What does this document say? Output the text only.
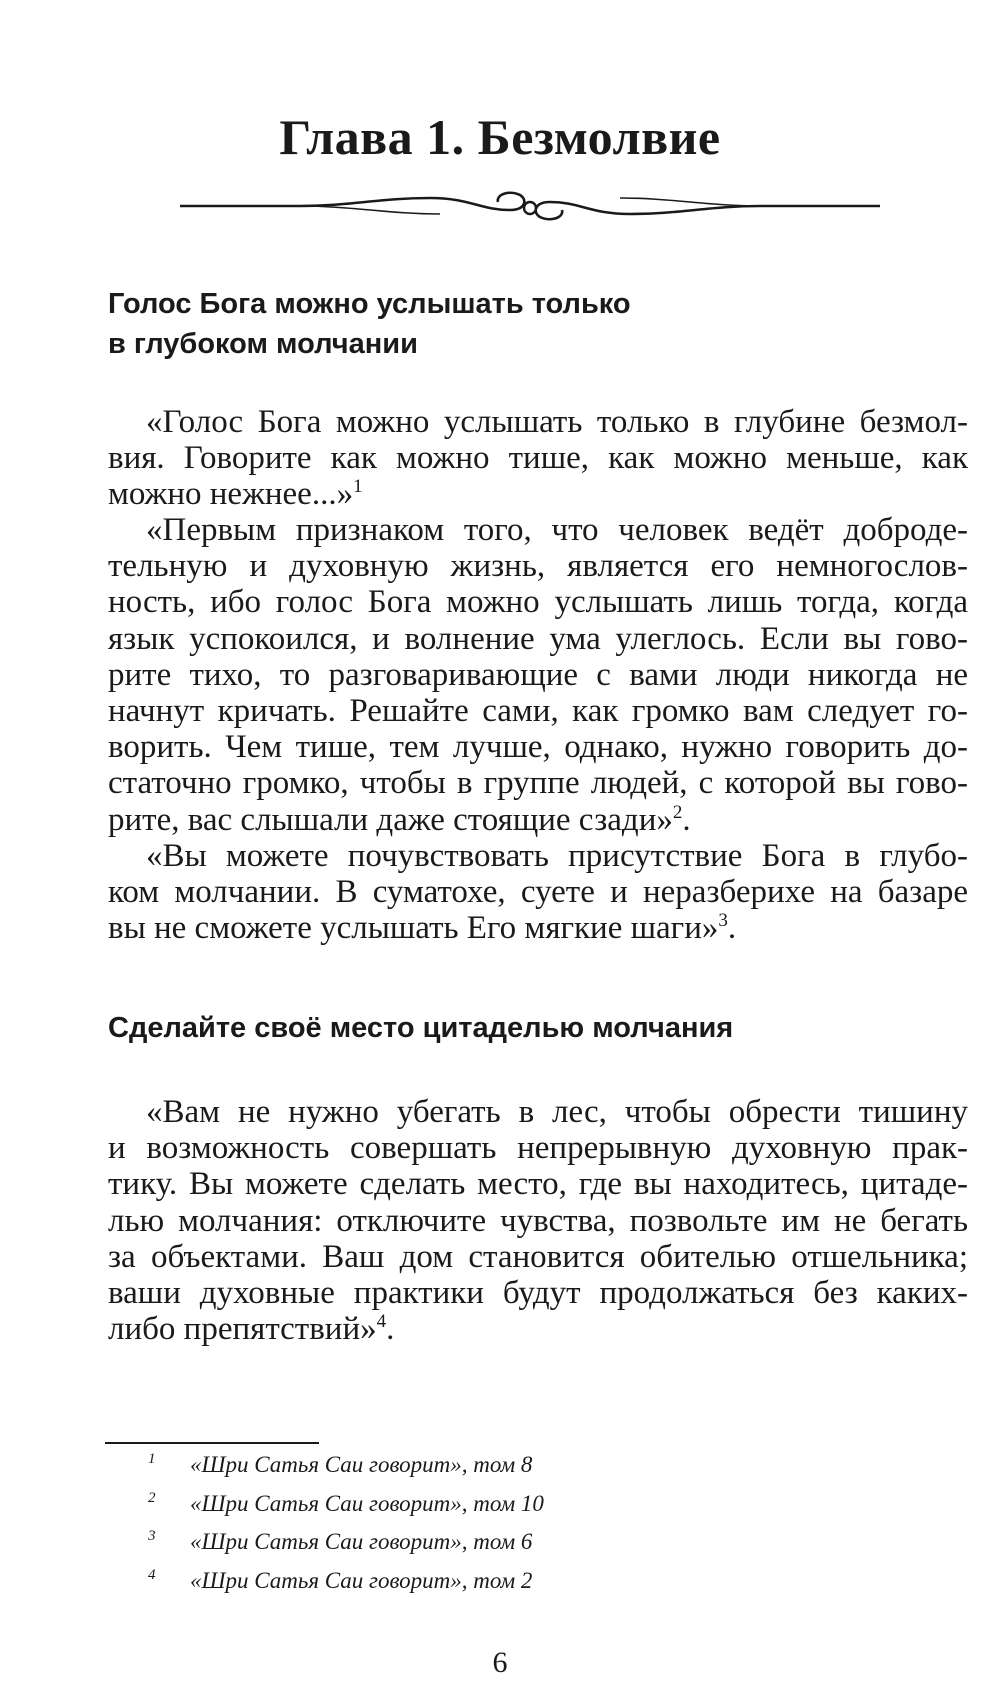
Глава 1. Безмолвие
Голос Бога можно услышать только
в глубоком молчании

«Голос Бога можно услышать только в глубине безмол-
вия. Говорите как можно тише, как можно меньше, как
можно нежнее...»$^1$

«Первым признаком того, что человек ведёт доброде-
тельную и духовную жизнь, является его немногослов-
ность, ибо голос Бога можно услышать лишь тогда, когда
язык успокоился, и волнение ума улеглось. Если вы гово-
рите тихо, то разговаривающие с вами люди никогда не
начнут кричать. Решайте сами, как громко вам следует го-
ворить. Чем тише, тем лучше, однако, нужно говорить до-
статочно громко, чтобы в группе людей, с которой вы гово-
рите, вас слышали даже стоящие сзади»$^2$.

«Вы можете почувствовать присутствие Бога в глубо-
ком молчании. В суматохе, суете и неразберихе на базаре
вы не сможете услышать Его мягкие шаги»$^3$.

Сделайте своё место цитаделью молчания

«Вам не нужно убегать в лес, чтобы обрести тишину
и возможность совершать непрерывную духовную прак-
тику. Вы можете сделать место, где вы находитесь, цитаде-
лью молчания: отключите чувства, позвольте им не бегать
за объектами. Ваш дом становится обителью отшельника;
ваши духовные практики будут продолжаться без каких-
либо препятствий»$^4$.

1	«Шри Сатья Саи говорит», том 8
2	«Шри Сатья Саи говорит», том 10
3	«Шри Сатья Саи говорит», том 6
4	«Шри Сатья Саи говорит», том 2
6
